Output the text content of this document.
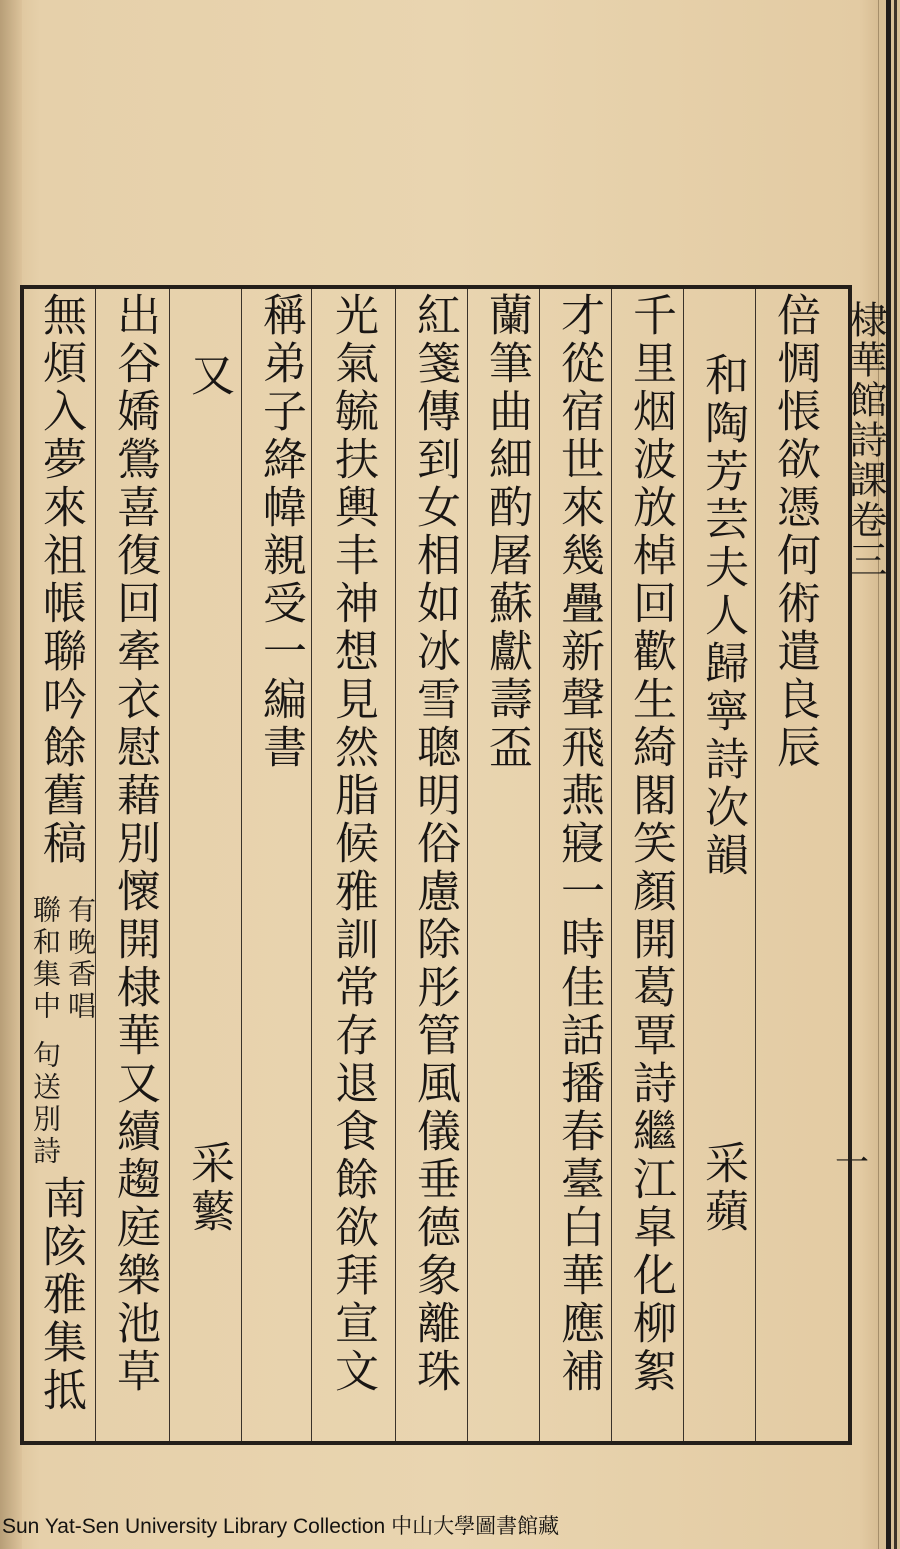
棣華館詩課卷三
一
倍惆悵欲憑何術遣良辰
和陶芳芸夫人歸寧詩次韻
采蘋
千里烟波放棹回歡生綺閣笑顏開葛覃詩繼江皐化柳絮
才從宿世來幾疊新聲飛燕寢一時佳話播春臺白華應補
蘭筆曲細酌屠蘇獻壽盃
紅箋傳到女相如冰雪聰明俗慮除彤管風儀垂德象離珠
光氣毓扶輿丰神想見然脂候雅訓常存退食餘欲拜宣文
稱弟子絳幃親受一編書
又
采蘩
出谷嬌鶯喜復回牽衣慰藉別懷開棣華又續趨庭樂池草
無煩入夢來祖帳聯吟餘舊稿
有晚香唱
聯和集中
句送別詩
南陔雅集抵
Sun Yat-Sen University Library Collection 中山大學圖書館藏
